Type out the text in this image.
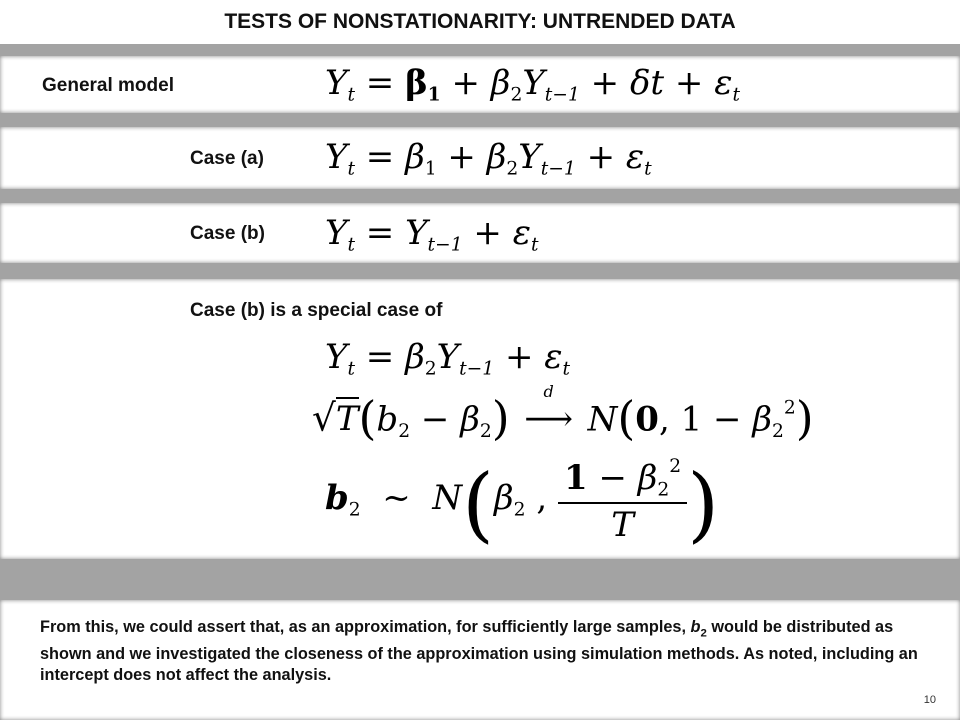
TESTS OF NONSTATIONARITY: UNTRENDED DATA
General model	$Y_t = \beta_1 + \beta_2Y_{t-1} + \delta t + \varepsilon_t$
Case (a) $Y_t = \beta_1 + \beta_2Y_{t-1} + \varepsilon_t$
Case (b) $Y_t = Y_{t-1} + \varepsilon_t$
Case (b) is a special case of
$Y_t = \beta_2Y_{t-1} + \varepsilon_t$
$√T(b_2 - \beta_2)$	d
⟶ N(0, $1 - \beta_2^2$)
$b_2$  ~  $N(\beta_2$ , $\frac{1 - \beta_2^2}{T}$ )
From this, we could assert that, as an approximation, for sufficiently large samples, $b_2$ would be distributed as shown and we investigated the closeness of the approximation using simulation methods. As noted, including an intercept does not affect the analysis.
10
